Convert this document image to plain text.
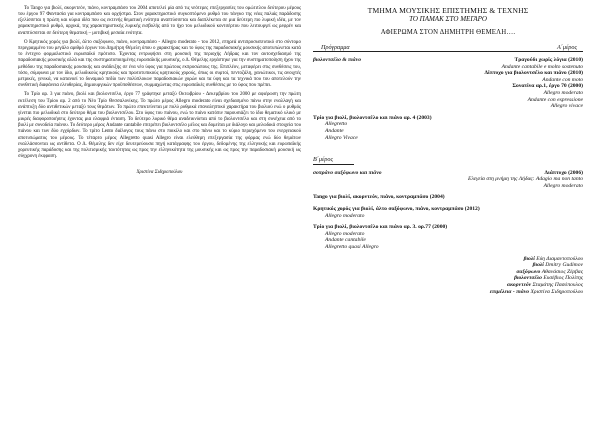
Το Tango για βιολί, ακορντεόν, πιάνο, κοντραμπάσο του 2004 αποτελεί μία από τις νεότερες επεξεργασίες του ομώτιτλου δεύτερου μέρους του έργου 97 Φαντασία για κοντραμπάσο και ορχήστρα. Στον χαρακτηριστικό συγκοπτόμενο ρυθμό του τάνγκο της νέας παλιάς παράδοσης εξελίσσεται η πρώτη και κύρια ιδέα που ως εκτενής θεματική ενότητα αναπτύσσεται και διαπλέκεται σε μια δεύτερη πιο λυρική ιδέα, με τον χαρακτηριστικό ρυθμό, αρχικά, της χαρακτηριστικής λυρικής εισβολής από το ήχο του μελωδικού κοντσέρτου που λειτουργεί ως ρεφρέν και αναπτύσσεται σε δεύτερη θεματική – μοτιβική μεσαία ενότητα.

Ο Κρητικός χορός για βιολί, άλτο σαξόφωνο, πιάνο, κοντραμπάσο - Allegro moderato - του 2012, επηρεά αντιπροσωπευτικό στο σύντομο περιγραμμένο του μεγάλο αριθμό έργων του Δημήτρη Θέμελη όπου ο χαρακτήρας και το ύφος της παραδοσιακής μουσικής αποτυπώνεται κατά το έντεχνο φορμαλιστικό ευρωπαϊκό πρότυπο. Έχοντας εντρυφήσει στη μουσική της περιοχής Λήδρας και τον αυτοσχεδιασμό της παραδοσιακής μουσικής αλλά και της συστηματοποιημένης ευρωπαϊκής μουσικής, ο Δ. Θέμελης εργάστηκε για την συστηματοποίηση ήχου της μεθόδου της παραδοσιακής μουσικής και ανάδειξης σε ένα νέο ύφος για πρώτους εκπροσώπους της. Επιπλέον, μεταφέρει στις συνθέσεις του, τόσο, σύμφωνα με τον ίδιο, μελωδικούς κρητικούς και πρωτοτυπικούς κρητικούς χορούς, όπως οι συρτοί, πεντοζάλη, χανιώτικοι, τις ανοιχτές μετρικές, γενικά, να κατανοεί το δυναμικό πεδίο των πολύπλοκων παραδοσιακών χορών και τα ύφη και τα τεχνικά που του αποτελούν την συνθετική διαφάνεια ελευθερίας, δημιουργικών προϋποθέσεων, συμμαχώντας στις ευρωπαϊκές συνθέσεις με το ύφος που πρέπει.

Το Τρίο αρ. 3 για πιάνο, βιολί και βιολοντσέλο, έργο 77 γράφτηκε μεταξύ Οκτωβρίου - Δεκεμβρίου του 2000 με αφιέρωση την πρώτη εκτέλεση του Τρίου αρ. 2 από το Νέο Τρίο Θεσσαλονίκης. Το πρώτο μέρος Allegro moderato είναι σχεδιασμένο πάνω στην εναλλαγή και ανάπτυξη δύο αντιθετικών μεταξύ τους θεμάτων. Το πρώτο επεκτείνεται με πολύ ρυθμικά επαναληπτικό χαρακτήρα του βιολιού ενώ ο ρυθμός γίνεται πιο μελωδικά στο δεύτερο θέμα του βιολοντσέλου. Στο ύφος του πιάνου, ενώ το πιάνο κατόπιν παρουσιάζει το ίδιο θεματικό υλικό με μικρές διαφοροποιήσεις έχοντας μια ελαφριά ένταση. Το δεύτερο λυρικό θέμα αναδεικνύεται από το βιολοντσέλο και στη συνέχεια από το βιολί με συνοδεία πιάνου. Το δεύτερο μέρος Andante cantabile επιτρέπει βιολοντσέλο μέλος και δομείται με διάλογο και μελωδικά στοιχεία του πιάνου και των δύο εγχόρδων. Το τρίτο Lento διάλογος τους πάνω στο ποικίλο και στο πάνω και το κύριο περιεχόμενο του ενεργειακού αποτυπώματος του μέρους. Το τέταρτο μέρος Allegretto quasi Allegro είναι ελεύθερη επεξεργασία της φόρμας ενώ δύο θεμάτων εναλλάσσονται ως αντίθετα. Ο Δ. Θέμελης δεν είχε δευτερεύουσα πηγή κατάγραφης του έργου, δεδομένης της ελληνικής και ευρωπαϊκής χορευτικής παράδοσης και της πολιτισμικής ταυτότητας ως προς την ελληνικότητα της μουσικής και ως προς την παραδοσιακή μουσική ως σύγχρονη έκφραση.

Χριστίνα Σιδηροπούλου

ΤΜΗΜΑ ΜΟΥΣΙΚΗΣ ΕΠΙΣΤΗΜΗΣ & ΤΕΧΝΗΣ
ΤΟ ΠΑΜΑΚ ΣΤΟ ΜΕΓΑΡΟ
ΑΦΙΕΡΩΜΑ ΣΤΟΝ ΔΗΜΗΤΡΗ ΘΕΜΕΛΗ….
Πρόγραμμα	Α΄μέρος
βιολοντσέλο & πιάνο	Τραγούδι χωρίς λόγια (2010)
Andante cantabile e molto sostenuto
Δίπτυχο για βιολοντσέλο και πιάνο (2010)
Andante con moto
Σονατίνα αρ.1, έργο 70 (2000)
Allegro moderato
Andante con espressione
Allegro vivace
Τρίο για βιολί, βιολοντσέλο και πιάνο αρ. 4 (2003)
Allegretto
Andante
Allegro Vivace
Β΄μέρος
σοπράνο σαξόφωνο και πιάνο	Διάπτυχο (2006)
Ελεγεία στη μνήμη της Λήδας: Adagio ma non tanto
Allegro moderato
Tango για βιολί, ακορντεόν, πιάνο, κοντραμπάσο (2004)
Κρητικός χορός για βιολί, άλτο σαξόφωνο, πιάνο, κοντραμπάσο (2012)
Allegro moderato
Τρίο για βιολί, βιολοντσέλο και πιάνο αρ. 3. ορ.77 (2000)
Allegro moderato
Andante cantabile
Allegretto quasi Allegro
βιολί Εύη Διαμαντοπούλου
βιολί Dmitry Gudimov
σαξόφωνο Αθανάσιος Ζέρβας
βιολοντσέλο Ευσέβιος Πολίτης
ακορντεόν Σταμάτης Πασόπουλος
επιμέλεια - πιάνο Χριστίνα Σιδηροπούλου
